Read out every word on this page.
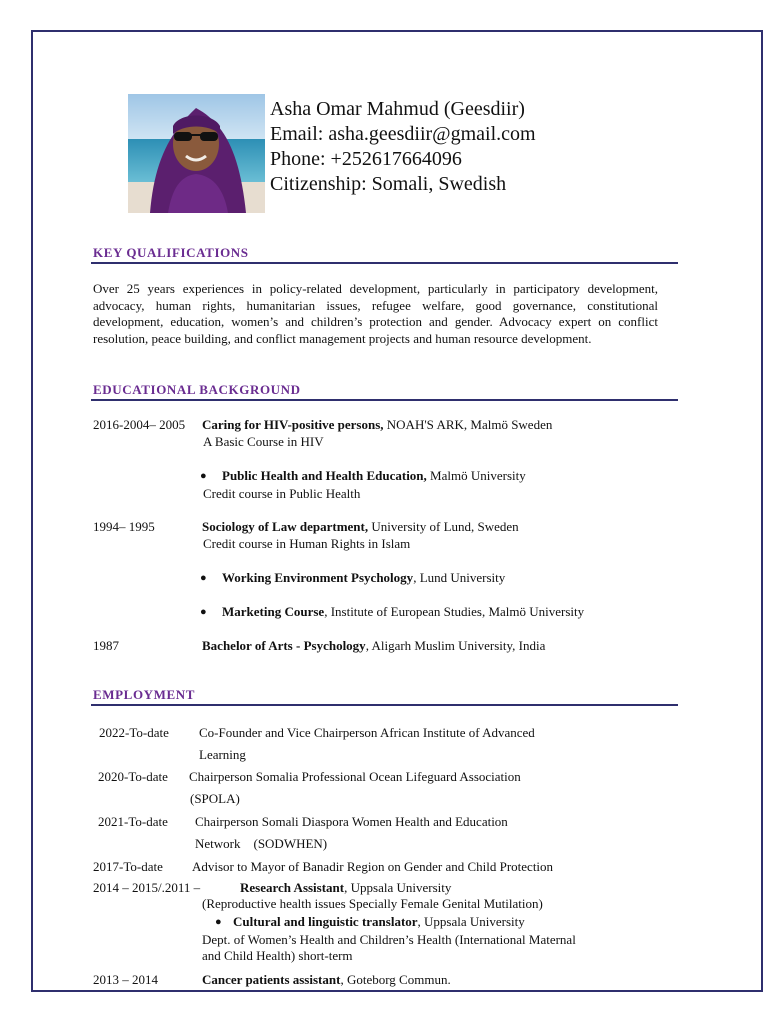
Asha Omar Mahmud (Geesdiir)
Email: asha.geesdiir@gmail.com
Phone: +252617664096
Citizenship: Somali, Swedish
KEY QUALIFICATIONS
Over 25 years experiences in policy-related development, particularly in participatory development, advocacy, human rights, humanitarian issues, refugee welfare, good governance, constitutional development, education, women’s and children’s protection and gender. Advocacy expert on conflict resolution, peace building, and conflict management projects and human resource development.
EDUCATIONAL BACKGROUND
2016-2004– 2005 Caring for HIV-positive persons, NOAH'S ARK, Malmö Sweden
A Basic Course in HIV
● Public Health and Health Education, Malmö University
Credit course in Public Health
1994– 1995	Sociology of Law department, University of Lund, Sweden
Credit course in Human Rights in Islam
● Working Environment Psychology, Lund University
● Marketing Course, Institute of European Studies, Malmö University
1987	Bachelor of Arts - Psychology, Aligarh Muslim University, India
EMPLOYMENT
2022-To-date Co-Founder and Vice Chairperson African Institute of Advanced
Learning
2020-To-date Chairperson Somalia Professional Ocean Lifeguard Association
(SPOLA)
2021-To-date Chairperson Somali Diaspora Women Health and Education
Network    (SODWHEN)
2017-To-date Advisor to Mayor of Banadir Region on Gender and Child Protection
2014 – 2015/.2011 –	Research Assistant, Uppsala University
(Reproductive health issues Specially Female Genital Mutilation)
● Cultural and linguistic translator, Uppsala University
Dept. of Women’s Health and Children’s Health (International Maternal
and Child Health) short-term
2013 – 2014	Cancer patients assistant, Goteborg Commun.
